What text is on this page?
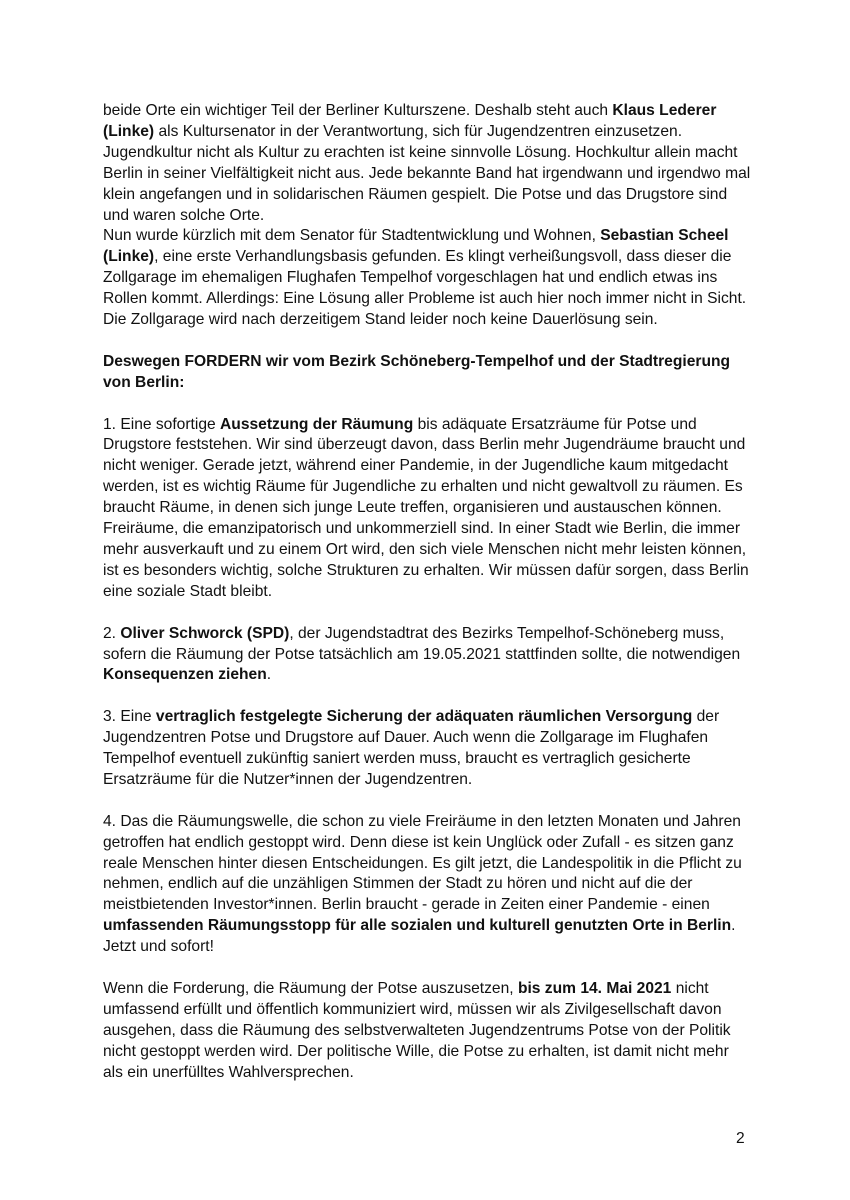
beide Orte ein wichtiger Teil der Berliner Kulturszene. Deshalb steht auch Klaus Lederer (Linke) als Kultursenator in der Verantwortung, sich für Jugendzentren einzusetzen. Jugendkultur nicht als Kultur zu erachten ist keine sinnvolle Lösung. Hochkultur allein macht Berlin in seiner Vielfältigkeit nicht aus. Jede bekannte Band hat irgendwann und irgendwo mal klein angefangen und in solidarischen Räumen gespielt. Die Potse und das Drugstore sind und waren solche Orte.

Nun wurde kürzlich mit dem Senator für Stadtentwicklung und Wohnen, Sebastian Scheel (Linke), eine erste Verhandlungsbasis gefunden. Es klingt verheißungsvoll, dass dieser die Zollgarage im ehemaligen Flughafen Tempelhof vorgeschlagen hat und endlich etwas ins Rollen kommt. Allerdings: Eine Lösung aller Probleme ist auch hier noch immer nicht in Sicht. Die Zollgarage wird nach derzeitigem Stand leider noch keine Dauerlösung sein.

Deswegen FORDERN wir vom Bezirk Schöneberg-Tempelhof und der Stadtregierung von Berlin:

1. Eine sofortige Aussetzung der Räumung bis adäquate Ersatzräume für Potse und Drugstore feststehen. Wir sind überzeugt davon, dass Berlin mehr Jugendräume braucht und nicht weniger. Gerade jetzt, während einer Pandemie, in der Jugendliche kaum mitgedacht werden, ist es wichtig Räume für Jugendliche zu erhalten und nicht gewaltvoll zu räumen. Es braucht Räume, in denen sich junge Leute treffen, organisieren und austauschen können. Freiräume, die emanzipatorisch und unkommerziell sind. In einer Stadt wie Berlin, die immer mehr ausverkauft und zu einem Ort wird, den sich viele Menschen nicht mehr leisten können, ist es besonders wichtig, solche Strukturen zu erhalten. Wir müssen dafür sorgen, dass Berlin eine soziale Stadt bleibt.

2. Oliver Schworck (SPD), der Jugendstadtrat des Bezirks Tempelhof-Schöneberg muss, sofern die Räumung der Potse tatsächlich am 19.05.2021 stattfinden sollte, die notwendigen Konsequenzen ziehen.

3. Eine vertraglich festgelegte Sicherung der adäquaten räumlichen Versorgung der Jugendzentren Potse und Drugstore auf Dauer. Auch wenn die Zollgarage im Flughafen Tempelhof eventuell zukünftig saniert werden muss, braucht es vertraglich gesicherte Ersatzräume für die Nutzer*innen der Jugendzentren.

4. Das die Räumungswelle, die schon zu viele Freiräume in den letzten Monaten und Jahren getroffen hat endlich gestoppt wird. Denn diese ist kein Unglück oder Zufall - es sitzen ganz reale Menschen hinter diesen Entscheidungen. Es gilt jetzt, die Landespolitik in die Pflicht zu nehmen, endlich auf die unzähligen Stimmen der Stadt zu hören und nicht auf die der meistbietenden Investor*innen. Berlin braucht - gerade in Zeiten einer Pandemie - einen umfassenden Räumungsstopp für alle sozialen und kulturell genutzten Orte in Berlin. Jetzt und sofort!

Wenn die Forderung, die Räumung der Potse auszusetzen, bis zum 14. Mai 2021 nicht umfassend erfüllt und öffentlich kommuniziert wird, müssen wir als Zivilgesellschaft davon ausgehen, dass die Räumung des selbstverwalteten Jugendzentrums Potse von der Politik nicht gestoppt werden wird. Der politische Wille, die Potse zu erhalten, ist damit nicht mehr als ein unerfülltes Wahlversprechen.

2
